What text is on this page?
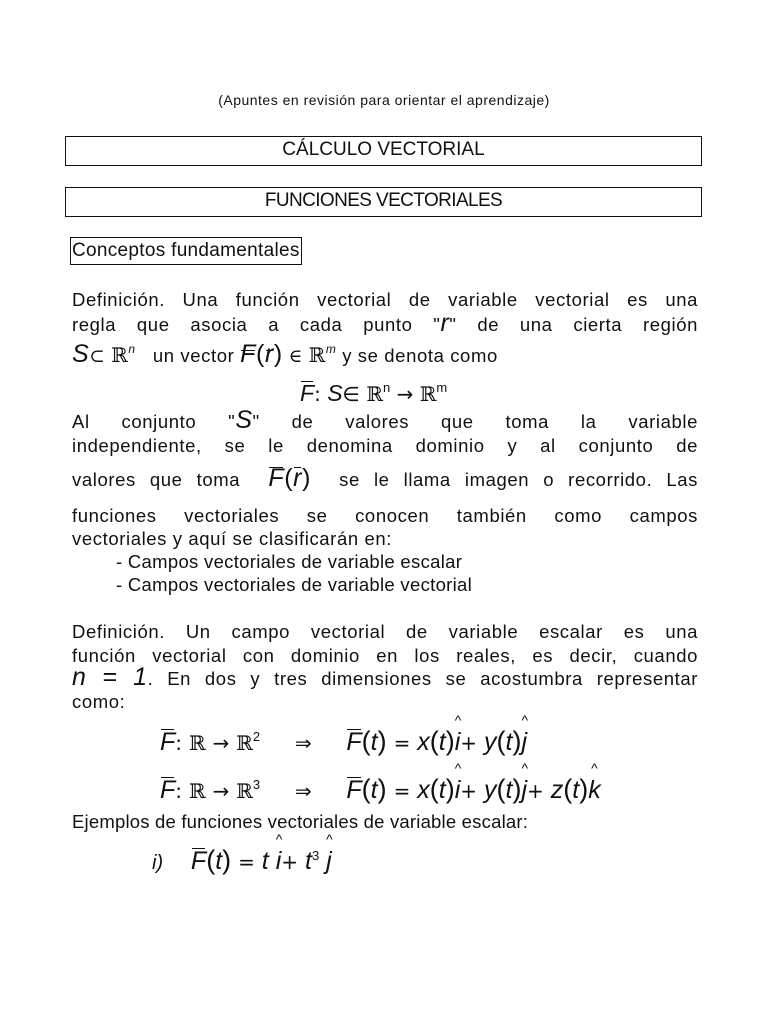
(Apuntes en revisión para orientar el aprendizaje)
CÁLCULO VECTORIAL
FUNCIONES VECTORIALES
Conceptos fundamentales
Definición. Una función vectorial de variable vectorial es una
regla que asocia a cada punto "r" de una cierta región
S⊂ ℝ$^n$ un vector F(r) ∈ ℝ$^m$ y se denota como
F: S∈ ℝ$^n$ → ℝ$^m$
Al conjunto "S" de valores que toma la variable
independiente, se le denomina dominio y al conjunto de
valores que toma F(r) se le llama imagen o recorrido. Las
funciones vectoriales se conocen también como campos
vectoriales y aquí se clasificarán en:
- Campos vectoriales de variable escalar
- Campos vectoriales de variable vectorial
Definición. Un campo vectorial de variable escalar es una
función vectorial con dominio en los reales, es decir, cuando
n = 1. En dos y tres dimensiones se acostumbra representar
como:
F: ℝ → ℝ$^2$ ⇒ F(t) = x(t)^ i+ y(t)^ j
F: ℝ → ℝ$^3$ ⇒ F(t) = x(t)^ i+ y(t)^ j+ z(t)^ k
Ejemplos de funciones vectoriales de variable escalar:
i) F(t) = t ^ $i+ t^3$ ^ j
